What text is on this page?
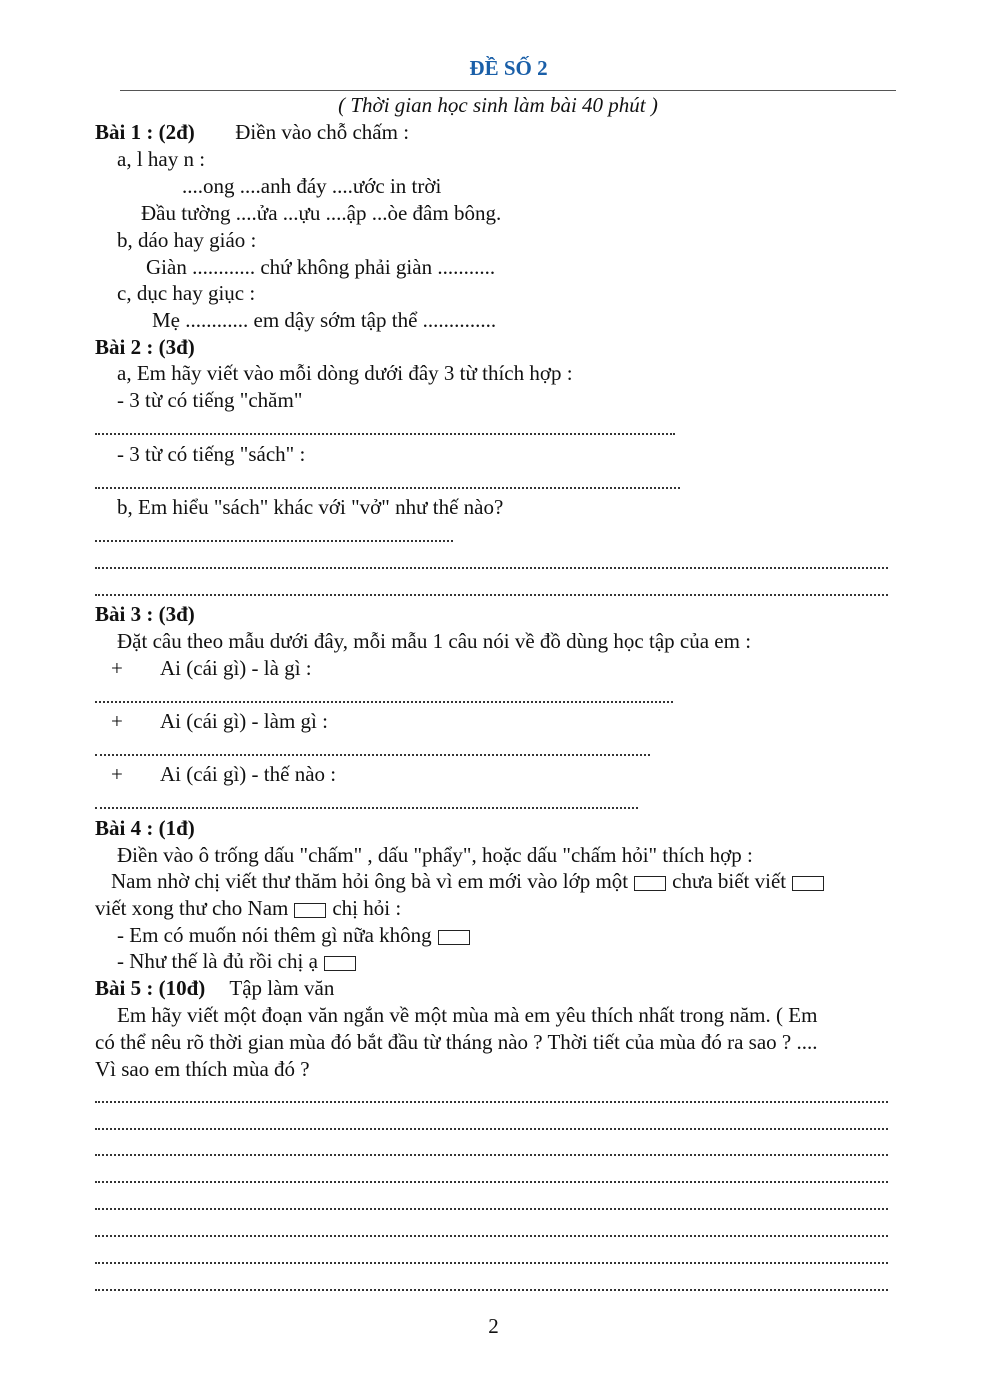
ĐỀ SỐ 2
( Thời gian học sinh làm bài 40 phút )
Bài 1 : (2đ) Điền vào chỗ chấm :
a, l hay n :
....ong ....anh đáy ....ước in trời
Đầu tường ....ửa ...ựu ....ập ...òe đâm bông.
b, dáo hay giáo :
Giàn ............ chứ không phải giàn ...........
c, dục hay giục :
Mẹ ............ em dậy sớm tập thể ..............
Bài 2 : (3đ)
a, Em hãy viết vào mỗi dòng dưới đây 3 từ thích hợp :
- 3 từ có tiếng "chăm"
- 3 từ có tiếng "sách" :
b, Em hiểu "sách" khác với "vở" như thế nào?
Bài 3 : (3đ)
Đặt câu theo mẫu dưới đây, mỗi mẫu 1 câu nói về đồ dùng học tập của em :
+ Ai (cái gì) - là gì :
+ Ai (cái gì) - làm gì :
+ Ai (cái gì) - thế nào :
Bài 4 : (1đ)
Điền vào ô trống dấu "chấm" , dấu "phẩy", hoặc dấu "chấm hỏi" thích hợp :
Nam nhờ chị viết thư thăm hỏi ông bà vì em mới vào lớp một chưa biết viết
viết xong thư cho Nam chị hỏi :
- Em có muốn nói thêm gì nữa không
- Như thế là đủ rồi chị ạ
Bài 5 : (10đ) Tập làm văn
Em hãy viết một đoạn văn ngắn về một mùa mà em yêu thích nhất trong năm. ( Em
có thể nêu rõ thời gian mùa đó bắt đầu từ tháng nào ? Thời tiết của mùa đó ra sao ? ....
Vì sao em thích mùa đó ?
2
